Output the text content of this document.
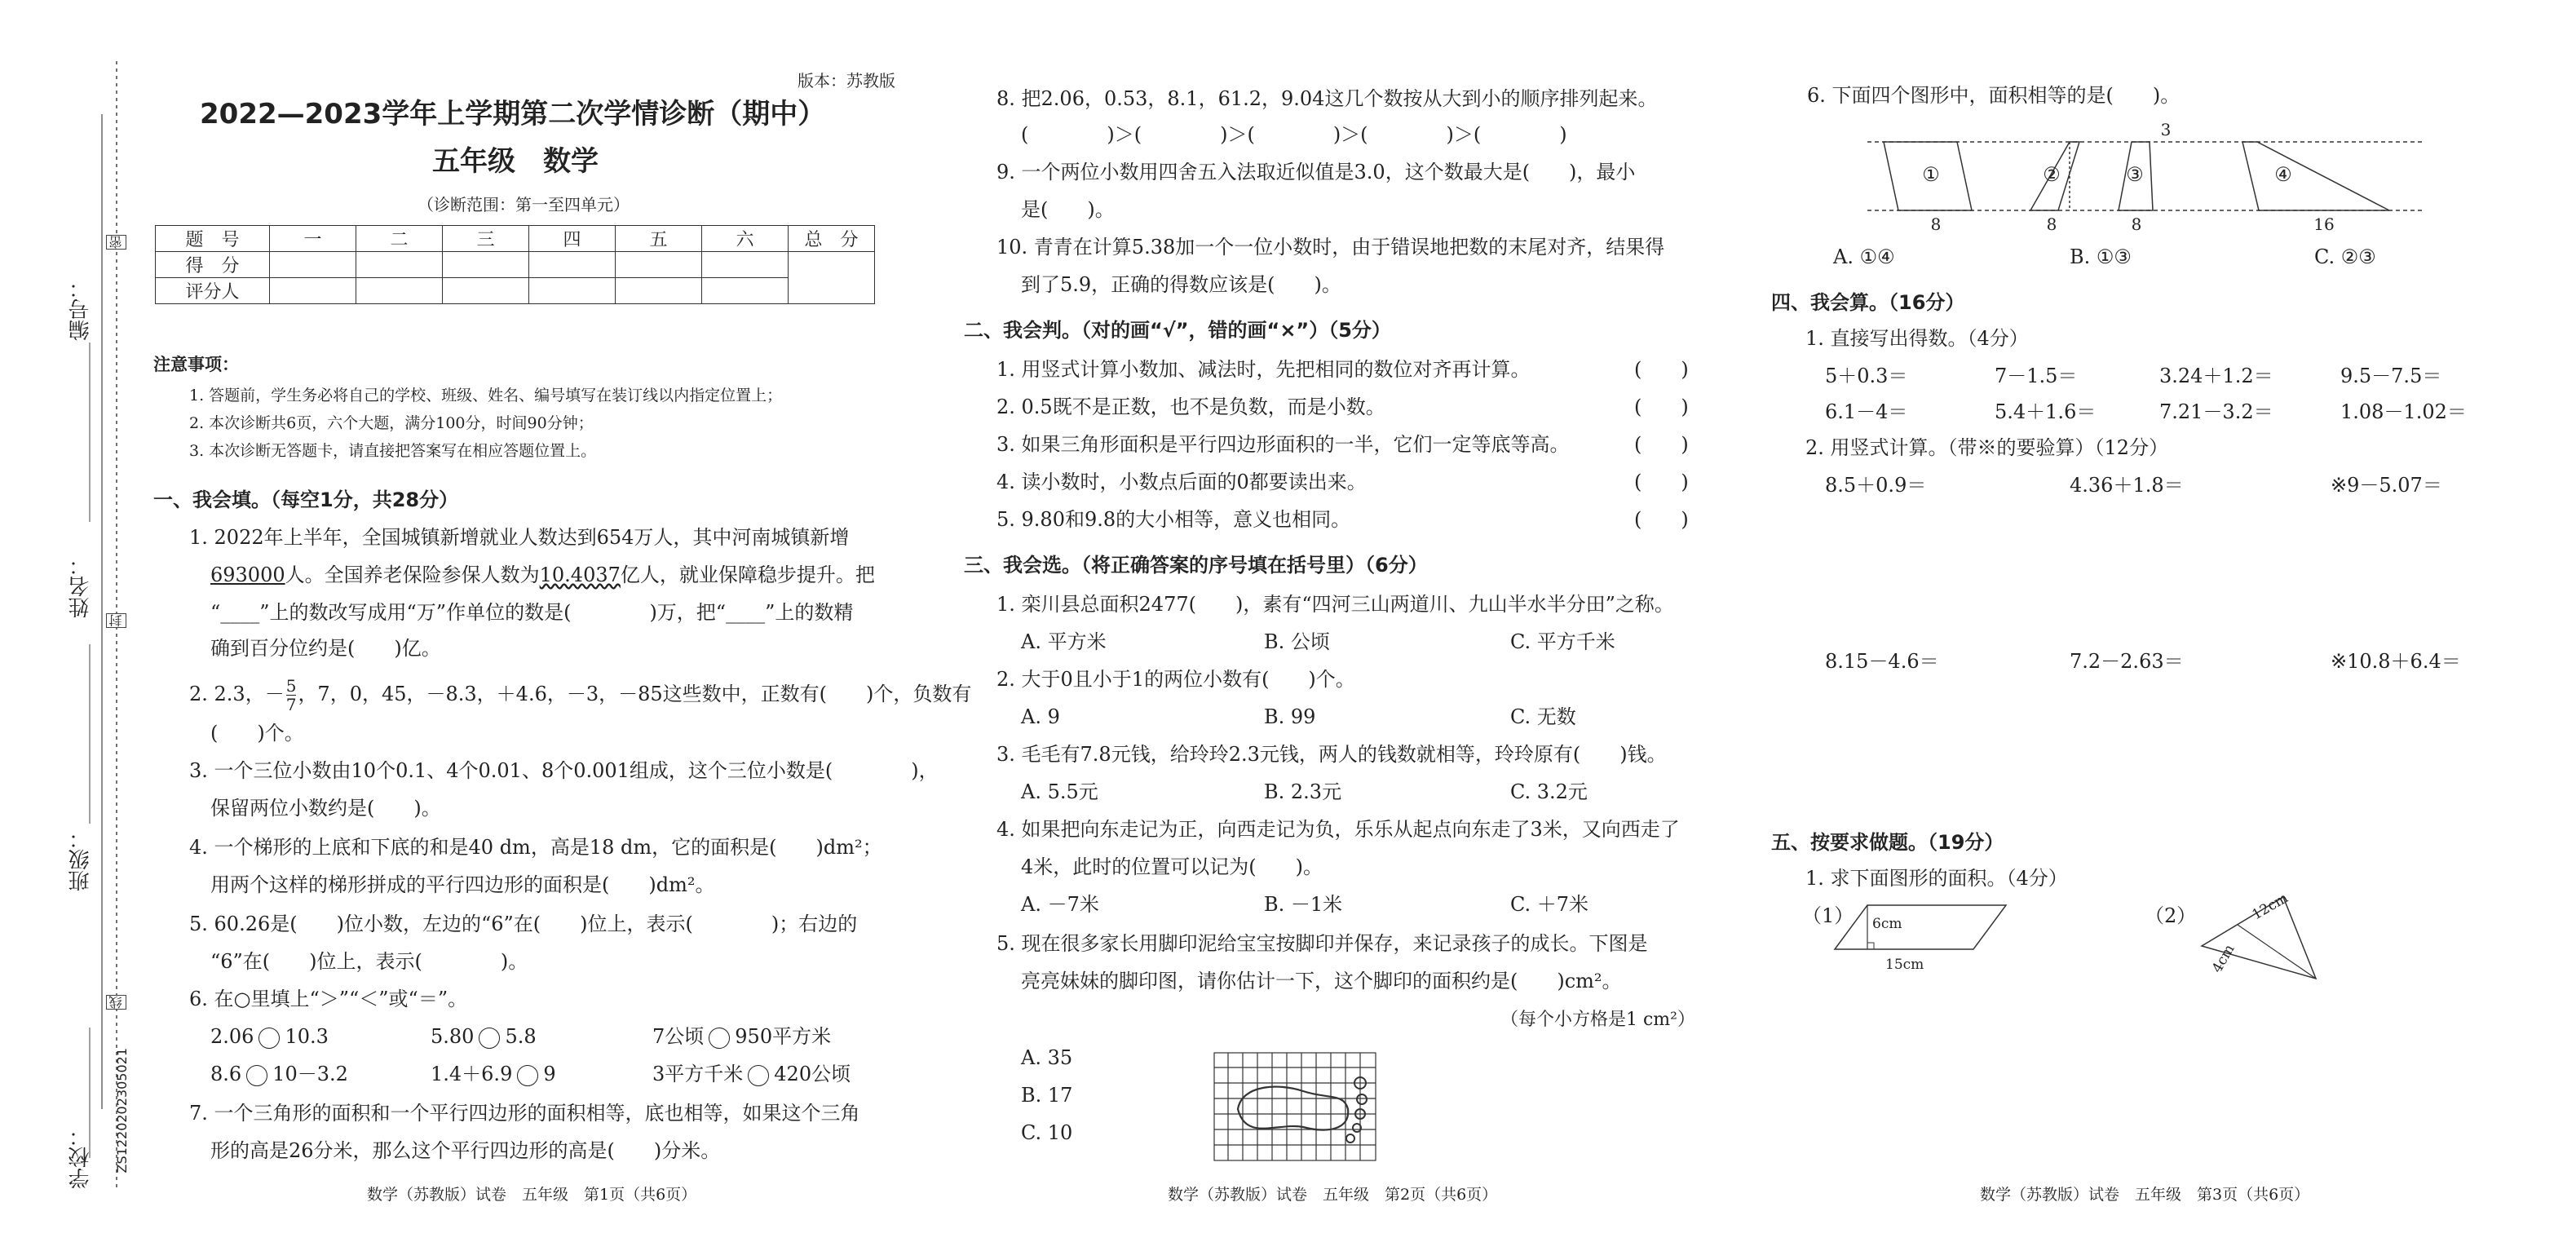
编号：
姓名：
班级：
学校：
密
封
线
ZS1220202305021
版本：苏教版
2022—2023学年上学期第二次学情诊断（期中）
五年级　数学
（诊断范围：第一至四单元）
题　号	一	二	三	四	五	六	总　分
得　分							
评分人							
注意事项：
1. 答题前，学生务必将自己的学校、班级、姓名、编号填写在装订线以内指定位置上；
2. 本次诊断共6页，六个大题，满分100分，时间90分钟；
3. 本次诊断无答题卡，请直接把答案写在相应答题位置上。
一、我会填。（每空1分，共28分）
1. 2022年上半年，全国城镇新增就业人数达到654万人，其中河南城镇新增
693000人。全国养老保险参保人数为10.4037亿人，就业保障稳步提升。把
“____”上的数改写成用“万”作单位的数是(　　　　)万，把“____”上的数精
确到百分位约是(　　)亿。
2. 2.3，－ $\frac{5}{7}$ ，7，0，45，－8.3，＋4.6，－3，－85这些数中，正数有(　　)个，负数有
(　　)个。
3. 一个三位小数由10个0.1、4个0.01、8个0.001组成，这个三位小数是(　　　　)，
保留两位小数约是(　　)。
4. 一个梯形的上底和下底的和是40 dm，高是18 dm，它的面积是(　　)dm²；
用两个这样的梯形拼成的平行四边形的面积是(　　)dm²。
5. 60.26是(　　)位小数，左边的“6”在(　　)位上，表示(　　　　)；右边的
“6”在(　　)位上，表示(　　　　)。
6. 在○里填上“＞”“＜”或“＝”。
2.06 10.3	5.80 5.8	7公顷 950平方米
8.6 10－3.2	1.4＋6.9 9	3平方千米 420公顷
7. 一个三角形的面积和一个平行四边形的面积相等，底也相等，如果这个三角
形的高是26分米，那么这个平行四边形的高是(　　)分米。
数学（苏教版）试卷　五年级　第1页（共6页）
8. 把2.06，0.53，8.1，61.2，9.04这几个数按从大到小的顺序排列起来。
(　　　　)＞(　　　　)＞(　　　　)＞(　　　　)＞(　　　　)
9. 一个两位小数用四舍五入法取近似值是3.0，这个数最大是(　　)，最小
是(　　)。
10. 青青在计算5.38加一个一位小数时，由于错误地把数的末尾对齐，结果得
到了5.9，正确的得数应该是(　　)。
二、我会判。（对的画“√”，错的画“×”）（5分）
1. 用竖式计算小数加、减法时，先把相同的数位对齐再计算。	(　　)
2. 0.5既不是正数，也不是负数，而是小数。	(　　)
3. 如果三角形面积是平行四边形面积的一半，它们一定等底等高。	(　　)
4. 读小数时，小数点后面的0都要读出来。	(　　)
5. 9.80和9.8的大小相等，意义也相同。	(　　)
三、我会选。（将正确答案的序号填在括号里）（6分）
1. 栾川县总面积2477(　　)，素有“四河三山两道川、九山半水半分田”之称。
A. 平方米	B. 公顷	C. 平方千米
2. 大于0且小于1的两位小数有(　　)个。
A. 9	B. 99	C. 无数
3. 毛毛有7.8元钱，给玲玲2.3元钱，两人的钱数就相等，玲玲原有(　　)钱。
A. 5.5元	B. 2.3元	C. 3.2元
4. 如果把向东走记为正，向西走记为负，乐乐从起点向东走了3米，又向西走了
4米，此时的位置可以记为(　　)。
A. －7米	B. －1米	C. ＋7米
5. 现在很多家长用脚印泥给宝宝按脚印并保存，来记录孩子的成长。下图是
亮亮妹妹的脚印图，请你估计一下，这个脚印的面积约是(　　)cm²。
（每个小方格是1 cm²）
A. 35
B. 17
C. 10
数学（苏教版）试卷　五年级　第2页（共6页）
6. 下面四个图形中，面积相等的是(　　)。
①	②	③	④
3
8	8	8	16
A. ①④	B. ①③	C. ②③
四、我会算。（16分）
1. 直接写出得数。（4分）
5＋0.3＝	7－1.5＝	3.24＋1.2＝	9.5－7.5＝
6.1－4＝	5.4＋1.6＝	7.21－3.2＝	1.08－1.02＝
2. 用竖式计算。（带※的要验算）（12分）
8.5＋0.9＝	4.36＋1.8＝	※9－5.07＝
8.15－4.6＝	7.2－2.63＝	※10.8＋6.4＝
五、按要求做题。（19分）
1. 求下面图形的面积。（4分）
（1）	（2）
6cm
15cm
12cm
4cm
数学（苏教版）试卷　五年级　第3页（共6页）
